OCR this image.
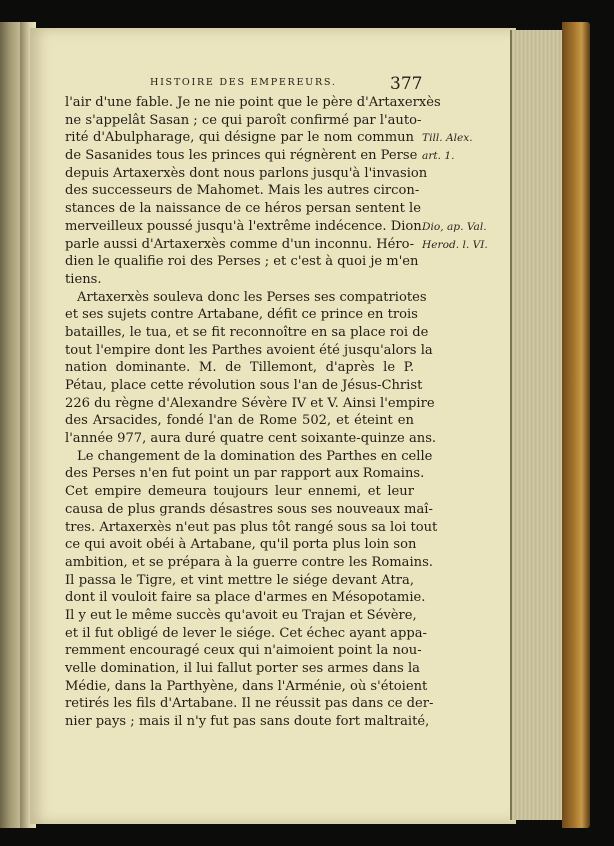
HISTOIRE DES EMPEREURS.	377
l'air d'une fable. Je ne nie point que le père d'Artaxerxès
ne s'appelât Sasan ; ce qui paroît confirmé par l'auto-
rité d'Abulpharage, qui désigne par le nom commun
de Sasanides tous les princes qui régnèrent en Perse
depuis Artaxerxès dont nous parlons jusqu'à l'invasion
des successeurs de Mahomet. Mais les autres circon-
stances de la naissance de ce héros persan sentent le
merveilleux poussé jusqu'à l'extrême indécence. Dion
parle aussi d'Artaxerxès comme d'un inconnu. Héro-
dien le qualifie roi des Perses ; et c'est à quoi je m'en
tiens.
Artaxerxès souleva donc les Perses ses compatriotes
et ses sujets contre Artabane, défit ce prince en trois
batailles, le tua, et se fit reconnoître en sa place roi de
tout l'empire dont les Parthes avoient été jusqu'alors la
nation dominante. M. de Tillemont, d'après le P.
Pétau, place cette révolution sous l'an de Jésus-Christ
226 du règne d'Alexandre Sévère IV et V. Ainsi l'empire
des Arsacides, fondé l'an de Rome 502, et éteint en
l'année 977, aura duré quatre cent soixante-quinze ans.
Le changement de la domination des Parthes en celle
des Perses n'en fut point un par rapport aux Romains.
Cet empire demeura toujours leur ennemi, et leur
causa de plus grands désastres sous ses nouveaux maî-
tres. Artaxerxès n'eut pas plus tôt rangé sous sa loi tout
ce qui avoit obéi à Artabane, qu'il porta plus loin son
ambition, et se prépara à la guerre contre les Romains.
Il passa le Tigre, et vint mettre le siége devant Atra,
dont il vouloit faire sa place d'armes en Mésopotamie.
Il y eut le même succès qu'avoit eu Trajan et Sévère,
et il fut obligé de lever le siége. Cet échec ayant appa-
remment encouragé ceux qui n'aimoient point la nou-
velle domination, il lui fallut porter ses armes dans la
Médie, dans la Parthyène, dans l'Arménie, où s'étoient
retirés les fils d'Artabane. Il ne réussit pas dans ce der-
nier pays ; mais il n'y fut pas sans doute fort maltraité,
Till. Alex.
art. 1.
Dio, ap. Val.
Herod. l. VI.
